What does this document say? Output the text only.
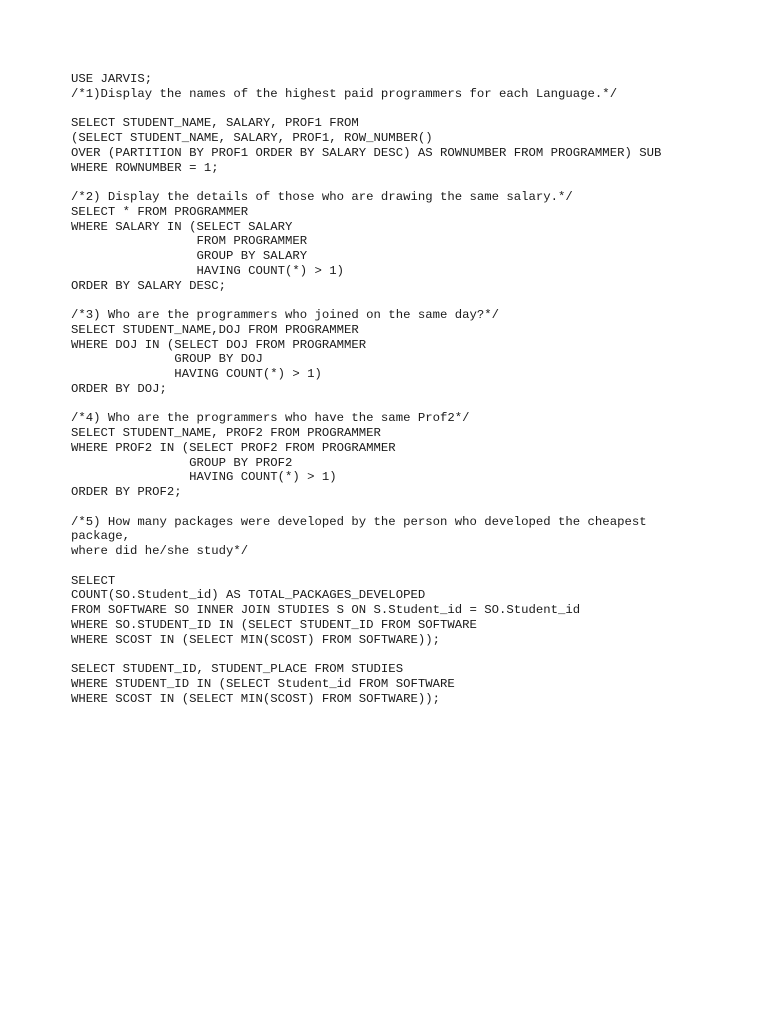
USE JARVIS;
/*1)Display the names of the highest paid programmers for each Language.*/
SELECT STUDENT_NAME, SALARY, PROF1 FROM
(SELECT STUDENT_NAME, SALARY, PROF1, ROW_NUMBER()
OVER (PARTITION BY PROF1 ORDER BY SALARY DESC) AS ROWNUMBER FROM PROGRAMMER) SUB
WHERE ROWNUMBER = 1;
/*2) Display the details of those who are drawing the same salary.*/
SELECT * FROM PROGRAMMER
WHERE SALARY IN (SELECT SALARY
FROM PROGRAMMER
GROUP BY SALARY
HAVING COUNT(*) > 1)
ORDER BY SALARY DESC;
/*3) Who are the programmers who joined on the same day?*/
SELECT STUDENT_NAME,DOJ FROM PROGRAMMER
WHERE DOJ IN (SELECT DOJ FROM PROGRAMMER
GROUP BY DOJ
HAVING COUNT(*) > 1)
ORDER BY DOJ;
/*4) Who are the programmers who have the same Prof2*/
SELECT STUDENT_NAME, PROF2 FROM PROGRAMMER
WHERE PROF2 IN (SELECT PROF2 FROM PROGRAMMER
GROUP BY PROF2
HAVING COUNT(*) > 1)
ORDER BY PROF2;
/*5) How many packages were developed by the person who developed the cheapest
package,
where did he/she study*/
SELECT
COUNT(SO.Student_id) AS TOTAL_PACKAGES_DEVELOPED
FROM SOFTWARE SO INNER JOIN STUDIES S ON S.Student_id = SO.Student_id
WHERE SO.STUDENT_ID IN (SELECT STUDENT_ID FROM SOFTWARE
WHERE SCOST IN (SELECT MIN(SCOST) FROM SOFTWARE));
SELECT STUDENT_ID, STUDENT_PLACE FROM STUDIES
WHERE STUDENT_ID IN (SELECT Student_id FROM SOFTWARE
WHERE SCOST IN (SELECT MIN(SCOST) FROM SOFTWARE));
